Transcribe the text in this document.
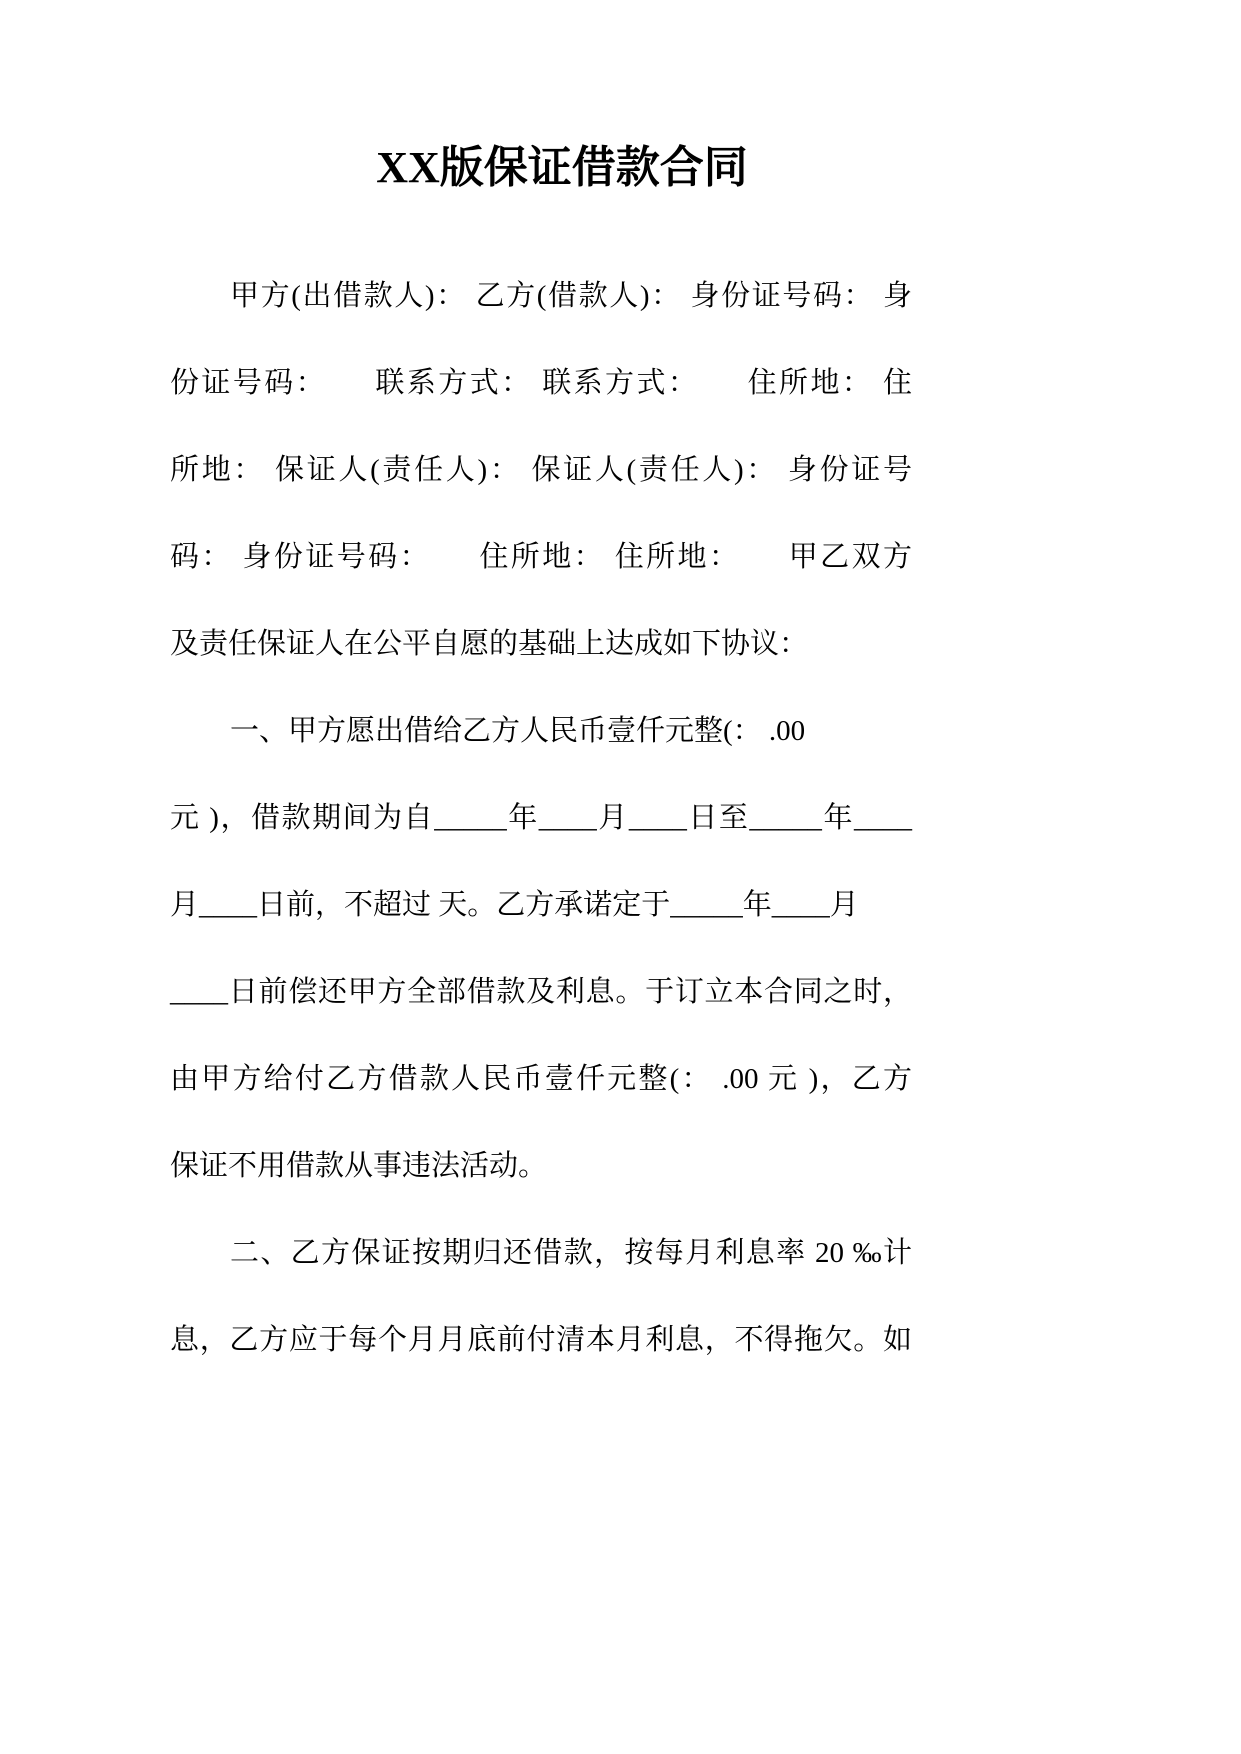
XX版保证借款合同
甲方(出借款人)： 乙方(借款人)： 身份证号码： 身
份证号码：　　联系方式： 联系方式：　　住所地： 住
所地： 保证人(责任人)： 保证人(责任人)： 身份证号
码： 身份证号码：　　住所地： 住所地：　　甲乙双方
及责任保证人在公平自愿的基础上达成如下协议：
一、甲方愿出借给乙方人民币壹仟元整(： .00
元 )，借款期间为自_____年____月____日至_____年____
月____日前，不超过 天。乙方承诺定于_____年____月
____日前偿还甲方全部借款及利息。于订立本合同之时，
由甲方给付乙方借款人民币壹仟元整(： .00 元 )，乙方
保证不用借款从事违法活动。
二、乙方保证按期归还借款，按每月利息率 20 ‰计
息，乙方应于每个月月底前付清本月利息，不得拖欠。如
